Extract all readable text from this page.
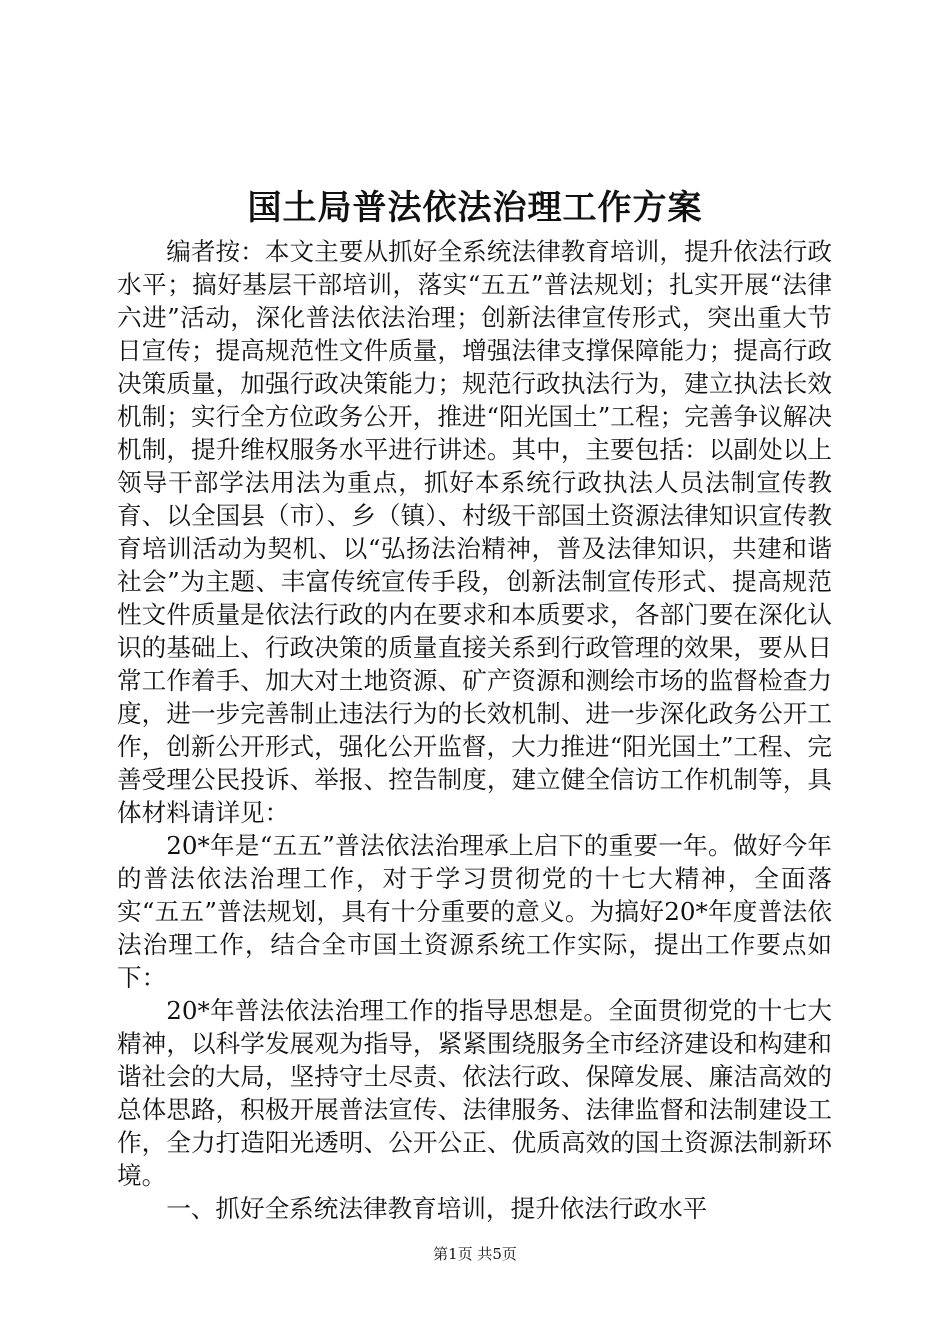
国土局普法依法治理工作方案

编者按：本文主要从抓好全系统法律教育培训，提升依法行政水平；搞好基层干部培训，落实“五五”普法规划；扎实开展“法律六进”活动，深化普法依法治理；创新法律宣传形式，突出重大节日宣传；提高规范性文件质量，增强法律支撑保障能力；提高行政决策质量，加强行政决策能力；规范行政执法行为，建立执法长效机制；实行全方位政务公开，推进“阳光国土”工程；完善争议解决机制，提升维权服务水平进行讲述。其中，主要包括：以副处以上领导干部学法用法为重点，抓好本系统行政执法人员法制宣传教育、以全国县（市）、乡（镇）、村级干部国土资源法律知识宣传教育培训活动为契机、以“弘扬法治精神，普及法律知识，共建和谐社会”为主题、丰富传统宣传手段，创新法制宣传形式、提高规范性文件质量是依法行政的内在要求和本质要求，各部门要在深化认识的基础上、行政决策的质量直接关系到行政管理的效果，要从日常工作着手、加大对土地资源、矿产资源和测绘市场的监督检查力度，进一步完善制止违法行为的长效机制、进一步深化政务公开工作，创新公开形式，强化公开监督，大力推进“阳光国土”工程、完善受理公民投诉、举报、控告制度，建立健全信访工作机制等，具体材料请详见：

20*年是“五五”普法依法治理承上启下的重要一年。做好今年的普法依法治理工作，对于学习贯彻党的十七大精神，全面落实“五五”普法规划，具有十分重要的意义。为搞好20*年度普法依法治理工作，结合全市国土资源系统工作实际，提出工作要点如下：

20*年普法依法治理工作的指导思想是。全面贯彻党的十七大精神，以科学发展观为指导，紧紧围绕服务全市经济建设和构建和谐社会的大局，坚持守土尽责、依法行政、保障发展、廉洁高效的总体思路，积极开展普法宣传、法律服务、法律监督和法制建设工作，全力打造阳光透明、公开公正、优质高效的国土资源法制新环境。

一、抓好全系统法律教育培训，提升依法行政水平

第1页 共5页
